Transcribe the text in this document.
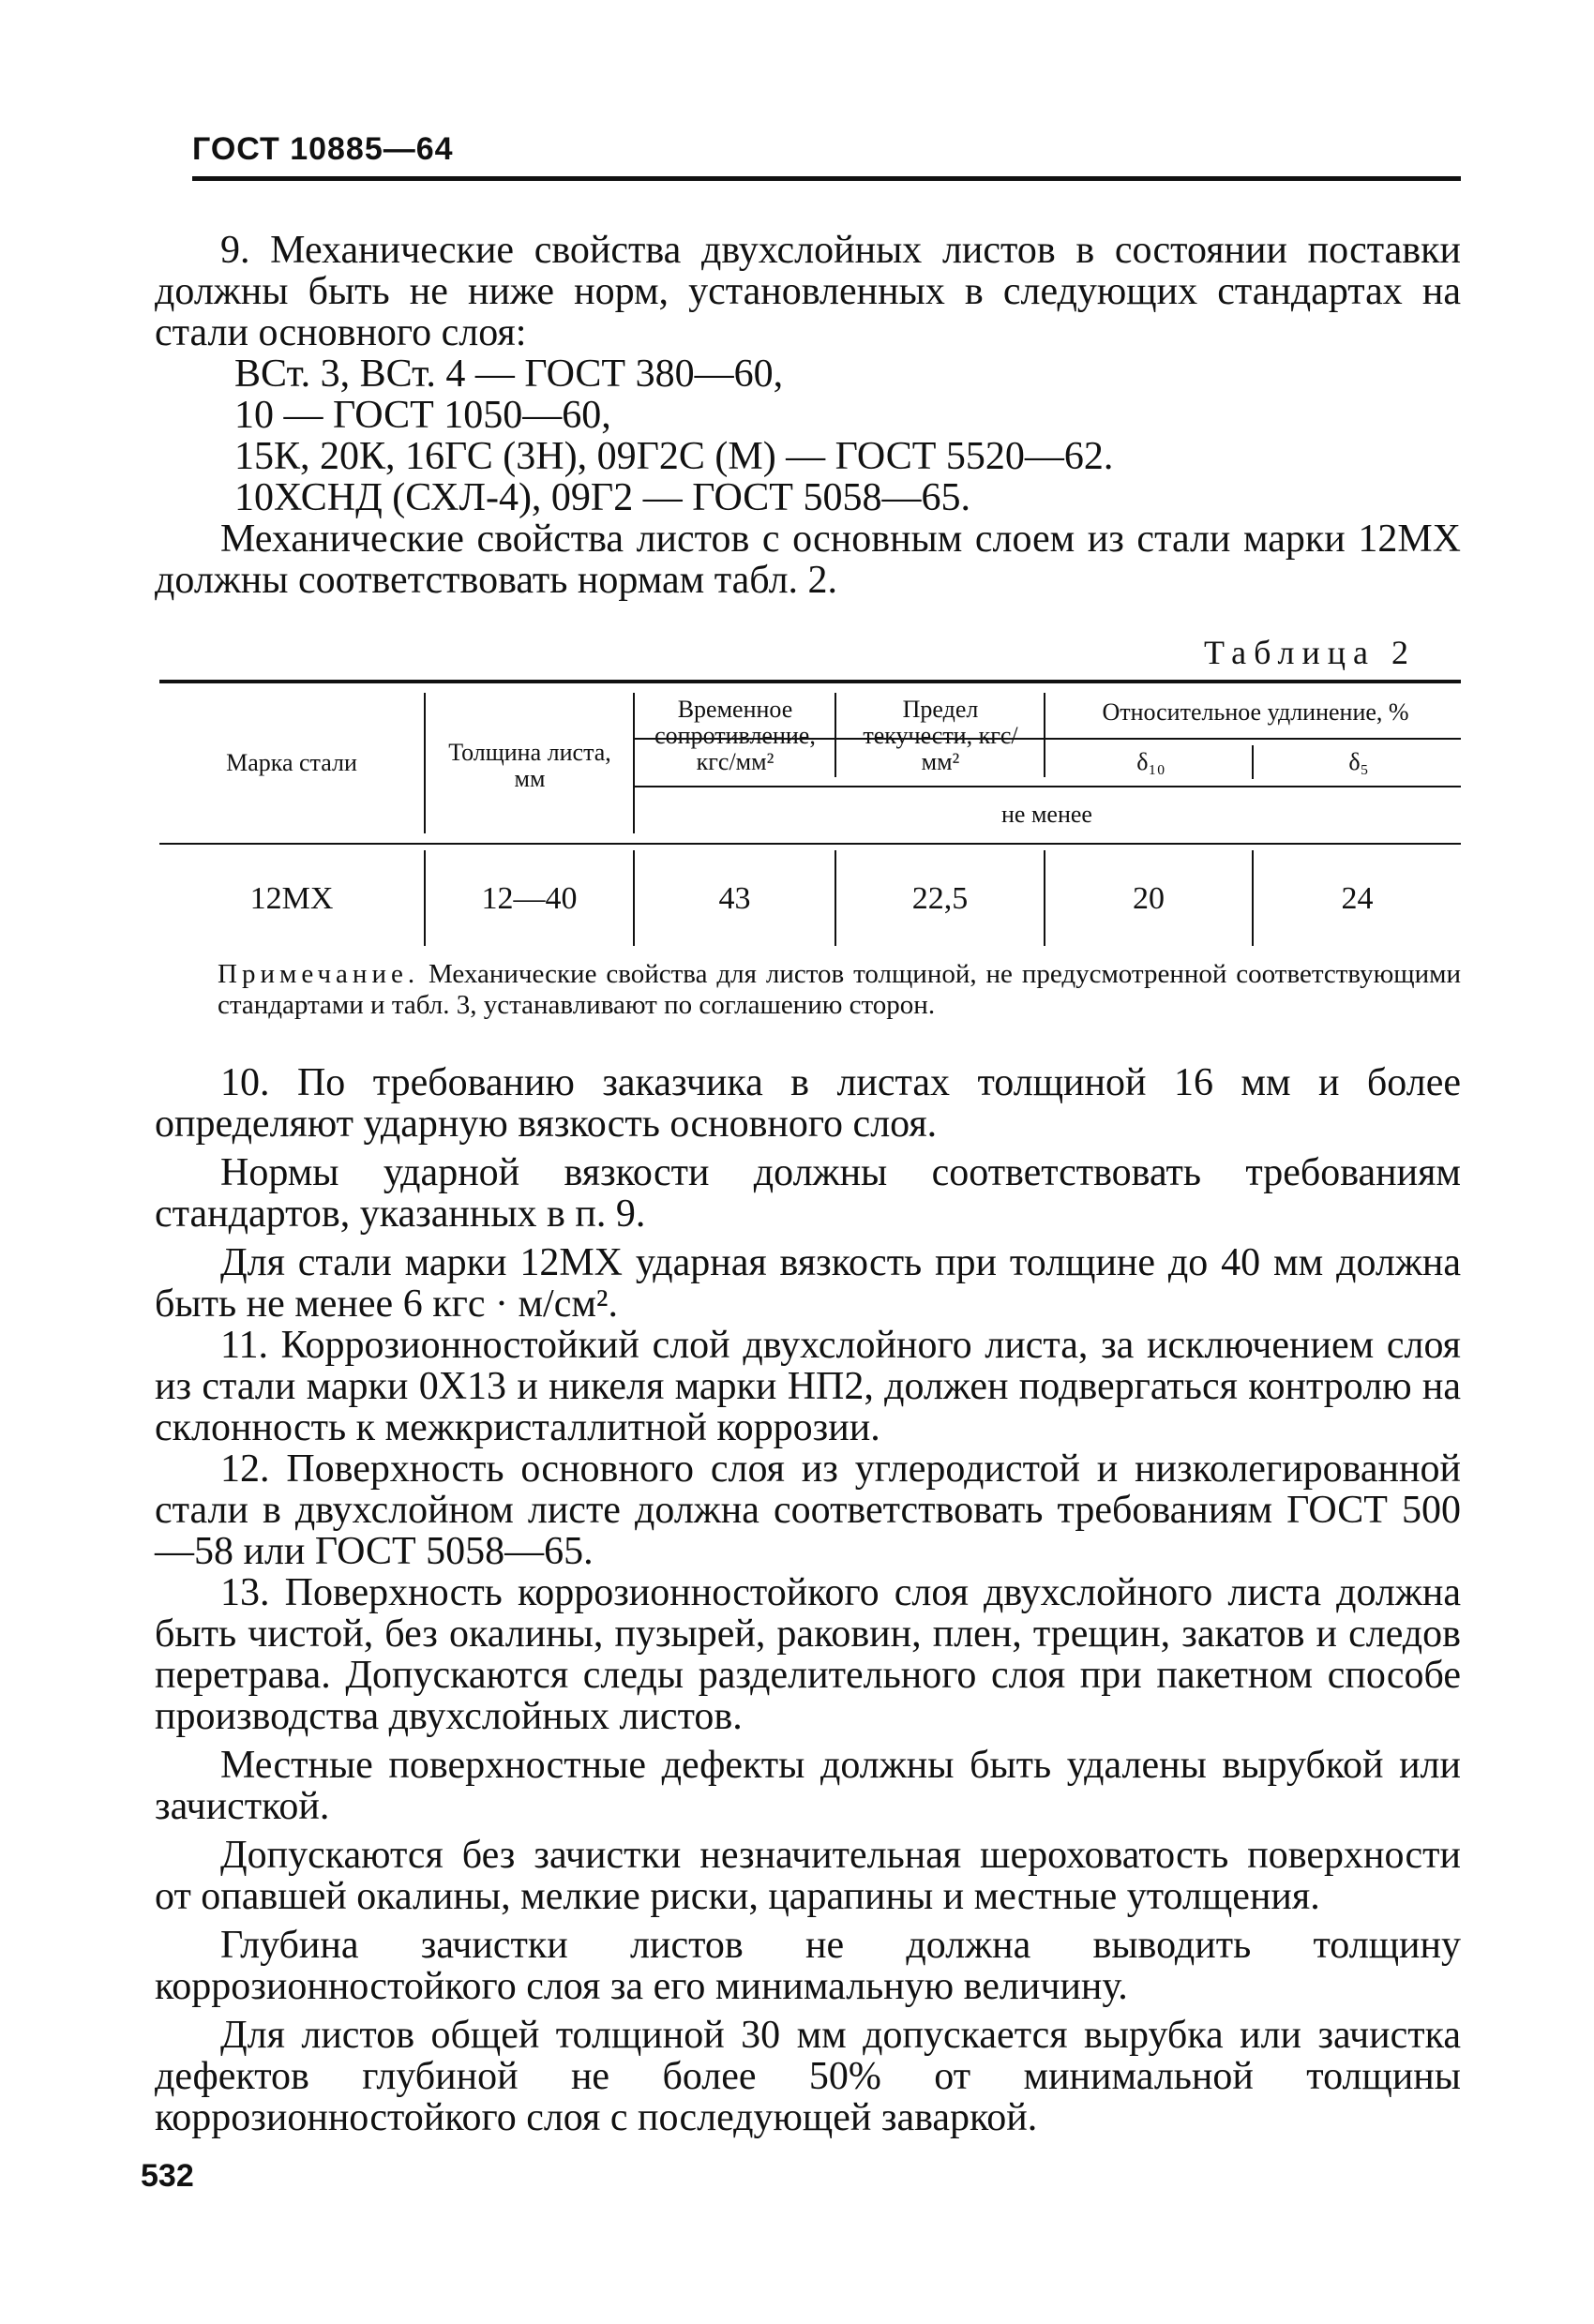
ГОСТ 10885—64

9. Механические свойства двухслойных листов в состоянии поставки должны быть не ниже норм, установленных в следующих стандартах на стали основного слоя:

ВСт. 3, ВСт. 4 — ГОСТ 380—60,

10 — ГОСТ 1050—60,

15К, 20К, 16ГС (3Н), 09Г2С (М) — ГОСТ 5520—62.

10ХСНД (СХЛ-4), 09Г2 — ГОСТ 5058—65.

Механические свойства листов с основным слоем из стали марки 12МХ должны соответствовать нормам табл. 2.

Таблица 2
Марка стали	Толщина листа, мм
Временное сопротивление, кгс/мм²
Предел текучести, кгс/мм²
Относительное удлинение, %
δ₁₀	δ₅
не менее
12МХ	12—40	43	22,5	20	24
Примечание. Механические свойства для листов толщиной, не предусмотренной соответствующими стандартами и табл. 3, устанавливают по соглашению сторон.

10. По требованию заказчика в листах толщиной 16 мм и более определяют ударную вязкость основного слоя.

Нормы ударной вязкости должны соответствовать требованиям стандартов, указанных в п. 9.

Для стали марки 12МХ ударная вязкость при толщине до 40 мм должна быть не менее 6 кгс · м/см².

11. Коррозионностойкий слой двухслойного листа, за исключением слоя из стали марки 0Х13 и никеля марки НП2, должен подвергаться контролю на склонность к межкристаллитной коррозии.

12. Поверхность основного слоя из углеродистой и низколегированной стали в двухслойном листе должна соответствовать требованиям ГОСТ 500—58 или ГОСТ 5058—65.

13. Поверхность коррозионностойкого слоя двухслойного листа должна быть чистой, без окалины, пузырей, раковин, плен, трещин, закатов и следов перетрава. Допускаются следы разделительного слоя при пакетном способе производства двухслойных листов.

Местные поверхностные дефекты должны быть удалены вырубкой или зачисткой.

Допускаются без зачистки незначительная шероховатость поверхности от опавшей окалины, мелкие риски, царапины и местные утолщения.

Глубина зачистки листов не должна выводить толщину коррозионностойкого слоя за его минимальную величину.

Для листов общей толщиной 30 мм допускается вырубка или зачистка дефектов глубиной не более 50% от минимальной толщины коррозионностойкого слоя с последующей заваркой.

532
